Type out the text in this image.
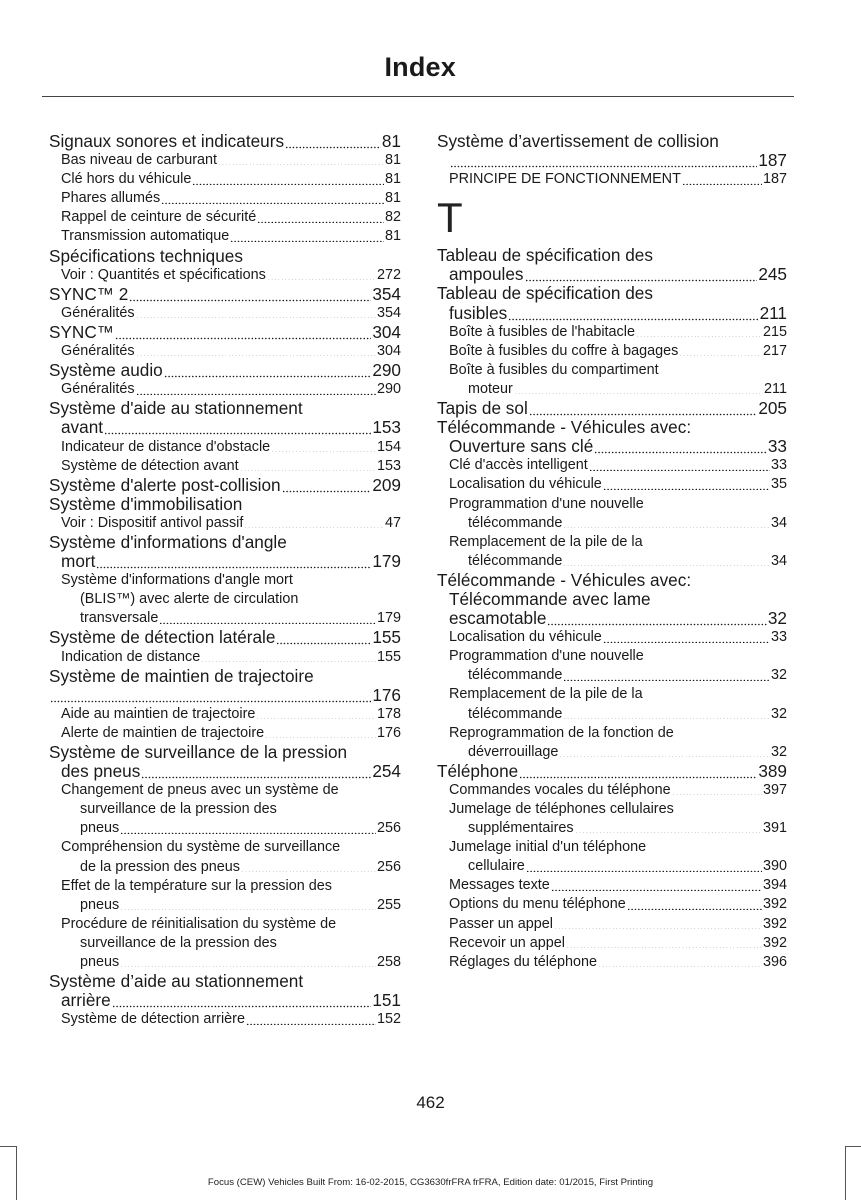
Index
Signaux sonores et indicateurs	81
Bas niveau de carburant	81
Clé hors du véhicule	81
Phares allumés	81
Rappel de ceinture de sécurité	82
Transmission automatique	81
Spécifications techniques
Voir : Quantités et spécifications	272
SYNC™ 2	354
Généralités	354
SYNC™	304
Généralités	304
Système audio	290
Généralités	290
Système d'aide au stationnement
avant	153
Indicateur de distance d'obstacle	154
Système de détection avant	153
Système d'alerte post-collision	209
Système d'immobilisation
Voir : Dispositif antivol passif	47
Système d'informations d'angle
mort	179
Système d'informations d'angle mort
(BLIS™) avec alerte de circulation
transversale	179
Système de détection latérale	155
Indication de distance	155
Système de maintien de trajectoire
176
Aide au maintien de trajectoire	178
Alerte de maintien de trajectoire	176
Système de surveillance de la pression
des pneus	254
Changement de pneus avec un système de
surveillance de la pression des
pneus	256
Compréhension du système de surveillance
de la pression des pneus	256
Effet de la température sur la pression des
pneus	255
Procédure de réinitialisation du système de
surveillance de la pression des
pneus	258
Système d’aide au stationnement
arrière	151
Système de détection arrière	152
Système d’avertissement de collision
187
PRINCIPE DE FONCTIONNEMENT	187
T
Tableau de spécification des
ampoules	245
Tableau de spécification des
fusibles	211
Boîte à fusibles de l'habitacle	215
Boîte à fusibles du coffre à bagages	217
Boîte à fusibles du compartiment
moteur	211
Tapis de sol	205
Télécommande - Véhicules avec:
Ouverture sans clé	33
Clé d'accès intelligent	33
Localisation du véhicule	35
Programmation d'une nouvelle
télécommande	34
Remplacement de la pile de la
télécommande	34
Télécommande - Véhicules avec:
Télécommande avec lame
escamotable	32
Localisation du véhicule	33
Programmation d'une nouvelle
télécommande	32
Remplacement de la pile de la
télécommande	32
Reprogrammation de la fonction de
déverrouillage	32
Téléphone	389
Commandes vocales du téléphone	397
Jumelage de téléphones cellulaires
supplémentaires	391
Jumelage initial d'un téléphone
cellulaire	390
Messages texte	394
Options du menu téléphone	392
Passer un appel	392
Recevoir un appel	392
Réglages du téléphone	396
462
Focus (CEW) Vehicles Built From: 16-02-2015, CG3630frFRA frFRA, Edition date: 01/2015, First Printing
